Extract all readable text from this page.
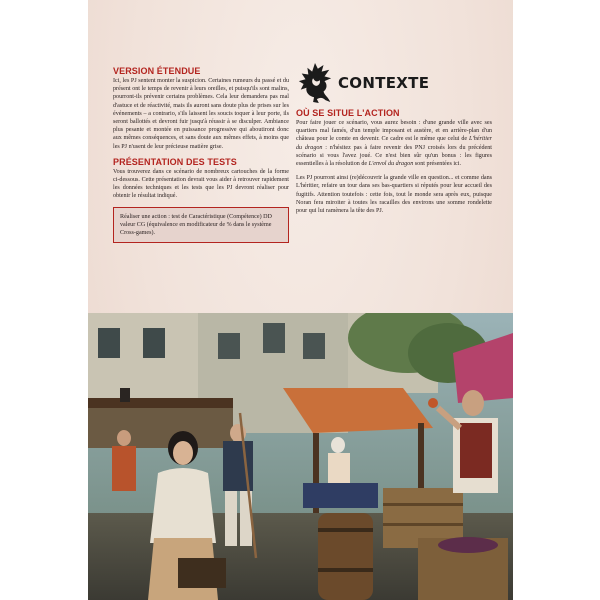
VERSION ÉTENDUE

Ici, les PJ sentent monter la suspicion. Certaines rumeurs du passé et du présent ont le temps de revenir à leurs oreilles, et puisqu'ils sont malins, pourront-ils prévenir certains problèmes. Cela leur demandera pas mal d'astuce et de réactivité, mais ils auront sans doute plus de prises sur les événements – a contrario, s'ils laissent les soucis toquer à leur porte, ils seront ballottés et devront fuir jusqu'à réussir à se disculper. Ambiance plus pesante et montée en puissance progressive qui aboutiront donc aux mêmes conséquences, et sans doute aux mêmes effets, à moins que les PJ n'usent de leur précieuse matière grise.

PRÉSENTATION DES TESTS

Vous trouverez dans ce scénario de nombreux cartouches de la forme ci-dessous. Cette présentation devrait vous aider à retrouver rapidement les données techniques et les tests que les PJ devront réaliser pour obtenir le résultat indiqué.

Réaliser une action : test de Caractéristique (Compétence) DD valeur CG (équivalence en modificateur de % dans le système Cross-games).
CONTEXTE
OÙ SE SITUE L'ACTION

Pour faire jouer ce scénario, vous aurez besoin : d'une grande ville avec ses quartiers mal famés, d'un temple imposant et austère, et en arrière-plan d'un château pour le comte en devenir. Ce cadre est le même que celui de L'héritier du dragon : n'hésitez pas à faire revenir des PNJ croisés lors du précédent scénario si vous l'avez joué. Ce n'est bien sûr qu'un bonus : les figures essentielles à la résolution de L'envol du dragon sont présentées ici.

Les PJ pourront ainsi (re)découvrir la grande ville en question... et comme dans L'héritier, refaire un tour dans ses bas-quartiers si réputés pour leur accueil des fugitifs. Attention toutefois : cette fois, tout le monde sera après eux, puisque Noran fera miroiter à toutes les racailles des environs une somme rondelette pour qui lui ramènera la tête des PJ.
